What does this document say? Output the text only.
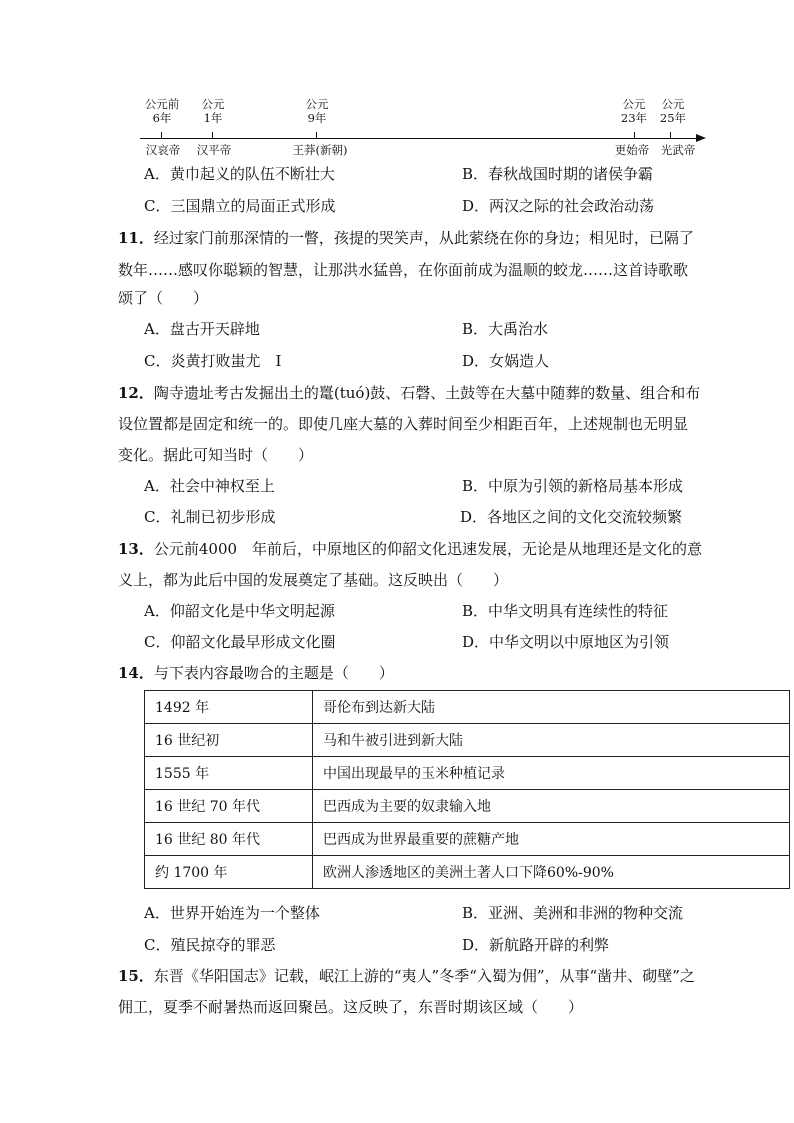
公元前
6年
汉哀帝
公元
1年
汉平帝
公元
9年
王莽(新朝)
公元
23年
更始帝
公元
25年
光武帝
A．黄巾起义的队伍不断壮大	B．春秋战国时期的诸侯争霸
C．三国鼎立的局面正式形成	D．两汉之际的社会政治动荡
11．经过家门前那深情的一瞥，孩提的哭笑声，从此萦绕在你的身边；相见时，已隔了
数年……感叹你聪颖的智慧，让那洪水猛兽，在你面前成为温顺的蛟龙……这首诗歌歌
颂了（　　）
A．盘古开天辟地	B．大禹治水
C．炎黄打败蚩尤　I	D．女娲造人
12．陶寺遗址考古发掘出土的鼍(tuó)鼓、石磬、土鼓等在大墓中随葬的数量、组合和布
设位置都是固定和统一的。即使几座大墓的入葬时间至少相距百年，上述规制也无明显
变化。据此可知当时（　　）
A．社会中神权至上	B．中原为引领的新格局基本形成
C．礼制已初步形成	D．各地区之间的文化交流较频繁
13．公元前4000　年前后，中原地区的仰韶文化迅速发展，无论是从地理还是文化的意
义上，都为此后中国的发展奠定了基础。这反映出（　　）
A．仰韶文化是中华文明起源	B．中华文明具有连续性的特征
C．仰韶文化最早形成文化圈	D．中华文明以中原地区为引领
14．与下表内容最吻合的主题是（　　）
1492 年	哥伦布到达新大陆
16 世纪初	马和牛被引进到新大陆
1555 年	中国出现最早的玉米种植记录
16 世纪 70 年代	巴西成为主要的奴隶输入地
16 世纪 80 年代	巴西成为世界最重要的蔗糖产地
约 1700 年	欧洲人渗透地区的美洲土著人口下降60%-90%
A．世界开始连为一个整体	B．亚洲、美洲和非洲的物种交流
C．殖民掠夺的罪恶	D．新航路开辟的利弊
15．东晋《华阳国志》记载，岷江上游的“夷人”冬季“入蜀为佣”，从事“凿井、砌壁”之
佣工，夏季不耐暑热而返回聚邑。这反映了，东晋时期该区域（　　）
